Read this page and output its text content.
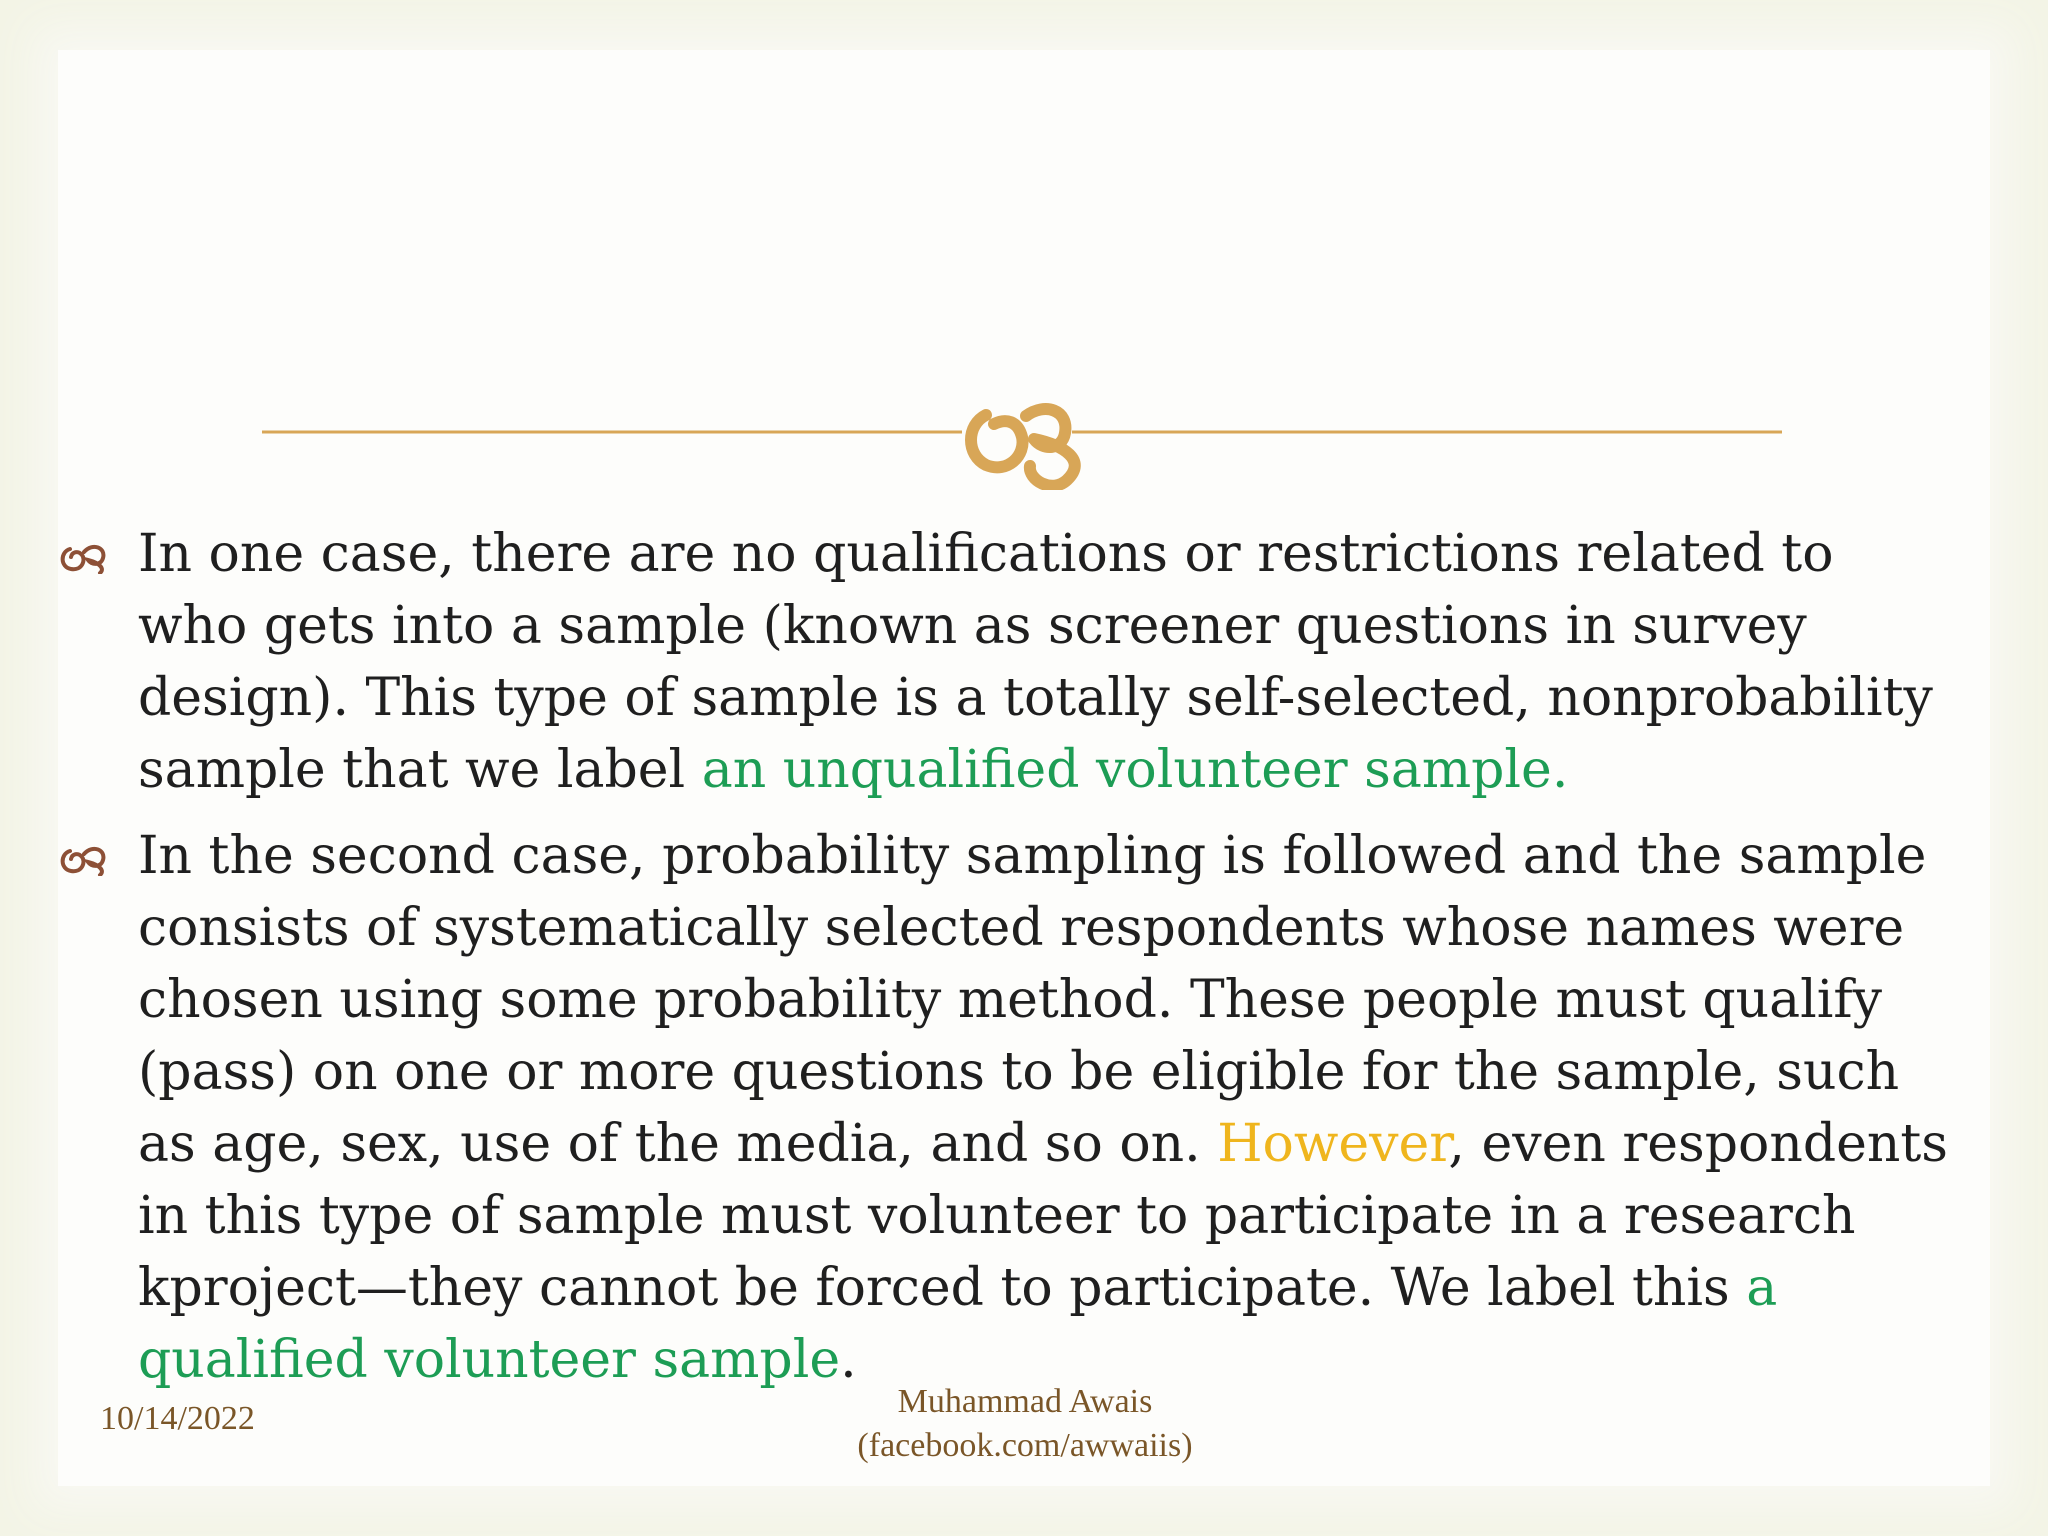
In one case, there are no qualifications or restrictions related to who gets into a sample (known as screener questions in survey design). This type of sample is a totally self-selected, nonprobability sample that we label an unqualified volunteer sample.
In the second case, probability sampling is followed and the sample consists of systematically selected respondents whose names were chosen using some probability method. These people must qualify (pass) on one or more questions to be eligible for the sample, such as age, sex, use of the media, and so on. However, even respondents in this type of sample must volunteer to participate in a research kproject—they cannot be forced to participate. We label this a qualified volunteer sample.
10/14/2022	Muhammad Awais
(facebook.com/awwaiis)
